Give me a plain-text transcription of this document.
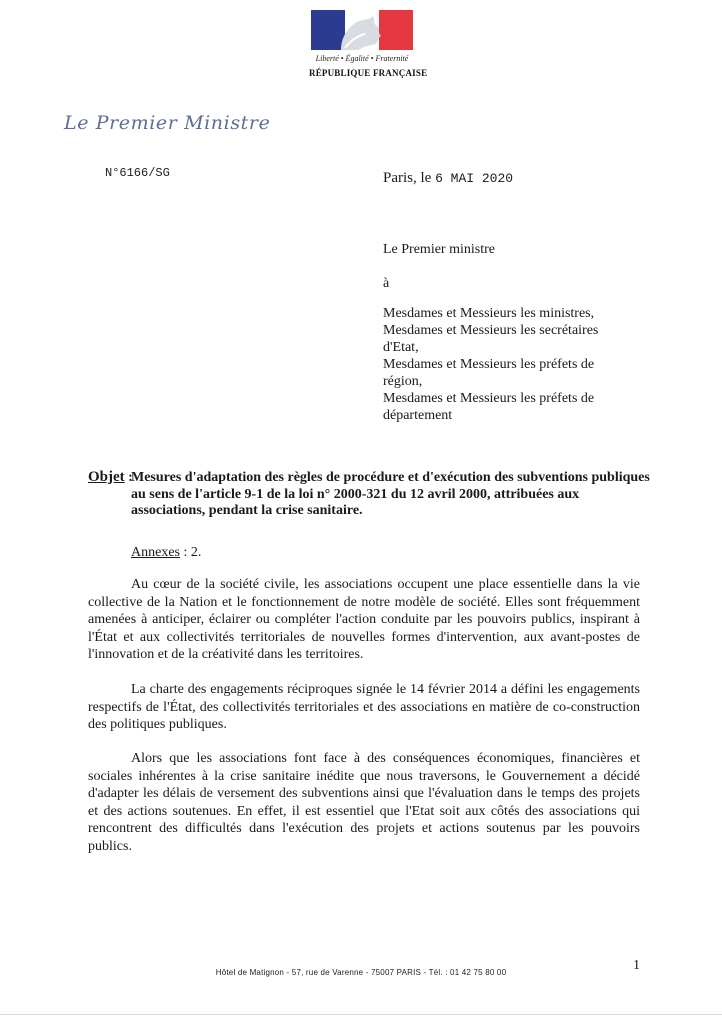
Liberté • Égalité • Fraternité
RÉPUBLIQUE FRANÇAISE
Le Premier Ministre
N°6166/SG	Paris, le 6 MAI 2020
Le Premier ministre
à
Mesdames et Messieurs les ministres,
Mesdames et Messieurs les secrétaires
d'Etat,
Mesdames et Messieurs les préfets de
région,
Mesdames et Messieurs les préfets de
département
Objet :
Mesures d'adaptation des règles de procédure et d'exécution des subventions publiques au sens de l'article 9-1 de la loi n° 2000-321 du 12 avril 2000, attribuées aux associations, pendant la crise sanitaire.
Annexes : 2.
Au cœur de la société civile, les associations occupent une place essentielle dans la vie collective de la Nation et le fonctionnement de notre modèle de société. Elles sont fréquemment amenées à anticiper, éclairer ou compléter l'action conduite par les pouvoirs publics, inspirant à l'État et aux collectivités territoriales de nouvelles formes d'intervention, aux avant-postes de l'innovation et de la créativité dans les territoires.
La charte des engagements réciproques signée le 14 février 2014 a défini les engagements respectifs de l'État, des collectivités territoriales et des associations en matière de co-construction des politiques publiques.
Alors que les associations font face à des conséquences économiques, financières et sociales inhérentes à la crise sanitaire inédite que nous traversons, le Gouvernement a décidé d'adapter les délais de versement des subventions ainsi que l'évaluation dans le temps des projets et des actions soutenues. En effet, il est essentiel que l'Etat soit aux côtés des associations qui rencontrent des difficultés dans l'exécution des projets et actions soutenus par les pouvoirs publics.
1
Hôtel de Matignon - 57, rue de Varenne - 75007 PARIS - Tél. : 01 42 75 80 00
